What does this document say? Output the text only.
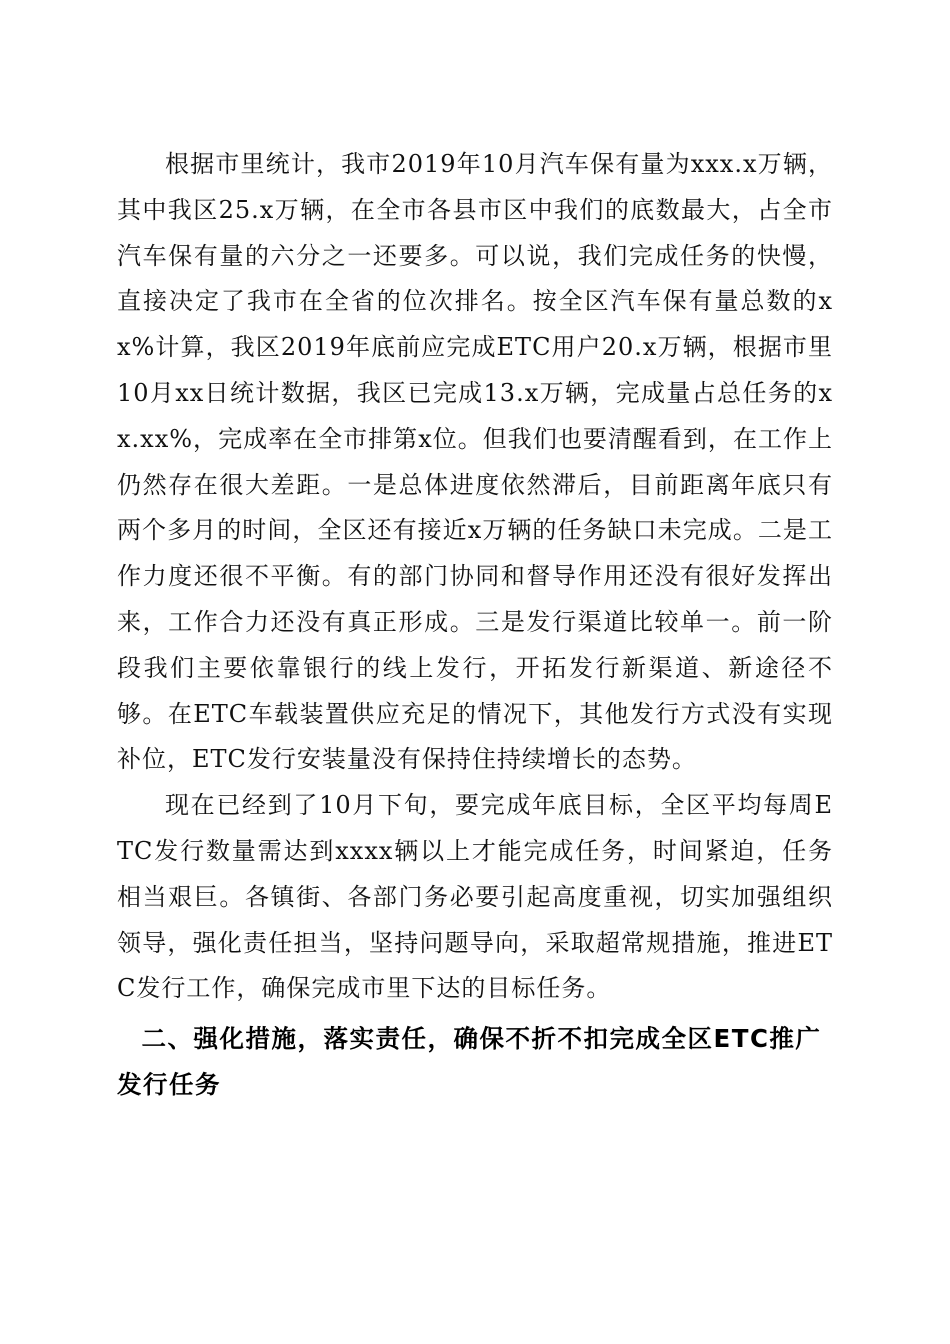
根据市里统计，我市2019年10月汽车保有量为xxx.x万辆，其中我区25.x万辆，在全市各县市区中我们的底数最大，占全市汽车保有量的六分之一还要多。可以说，我们完成任务的快慢，直接决定了我市在全省的位次排名。按全区汽车保有量总数的xx%计算，我区2019年底前应完成ETC用户20.x万辆，根据市里10月xx日统计数据，我区已完成13.x万辆，完成量占总任务的xx.xx%，完成率在全市排第x位。但我们也要清醒看到，在工作上仍然存在很大差距。一是总体进度依然滞后，目前距离年底只有两个多月的时间，全区还有接近x万辆的任务缺口未完成。二是工作力度还很不平衡。有的部门协同和督导作用还没有很好发挥出来，工作合力还没有真正形成。三是发行渠道比较单一。前一阶段我们主要依靠银行的线上发行，开拓发行新渠道、新途径不够。在ETC车载装置供应充足的情况下，其他发行方式没有实现补位，ETC发行安装量没有保持住持续增长的态势。

现在已经到了10月下旬，要完成年底目标，全区平均每周ETC发行数量需达到xxxx辆以上才能完成任务，时间紧迫，任务相当艰巨。各镇街、各部门务必要引起高度重视，切实加强组织领导，强化责任担当，坚持问题导向，采取超常规措施，推进ETC发行工作，确保完成市里下达的目标任务。

二、强化措施，落实责任，确保不折不扣完成全区ETC推广发行任务
